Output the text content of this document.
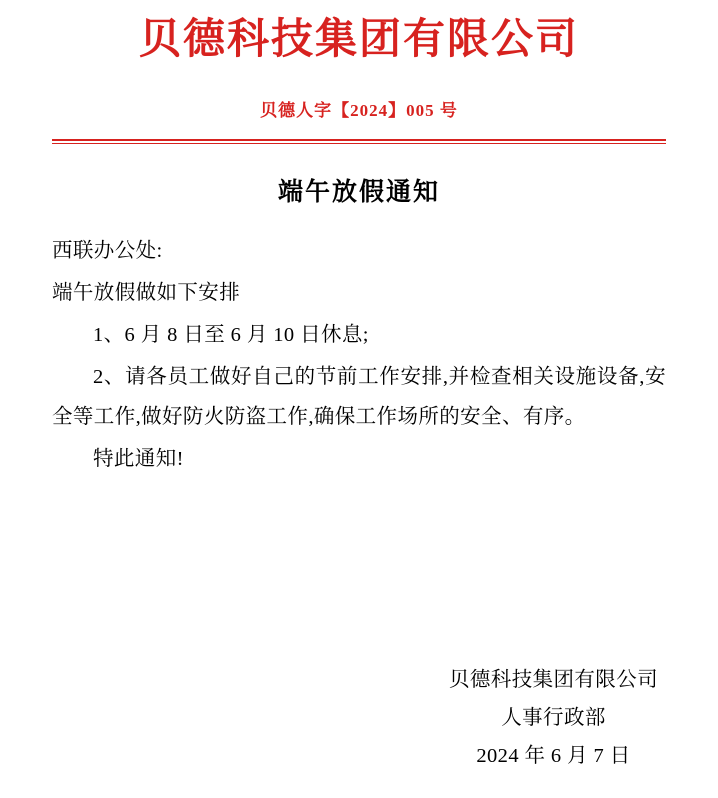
贝德科技集团有限公司
贝德人字【2024】005 号
端午放假通知

西联办公处:

端午放假做如下安排

1、6 月 8 日至 6 月 10 日休息;

2、请各员工做好自己的节前工作安排,并检查相关设施设备,安全等工作,做好防火防盗工作,确保工作场所的安全、有序。

特此通知!

贝德科技集团有限公司
人事行政部
2024 年 6 月 7 日
